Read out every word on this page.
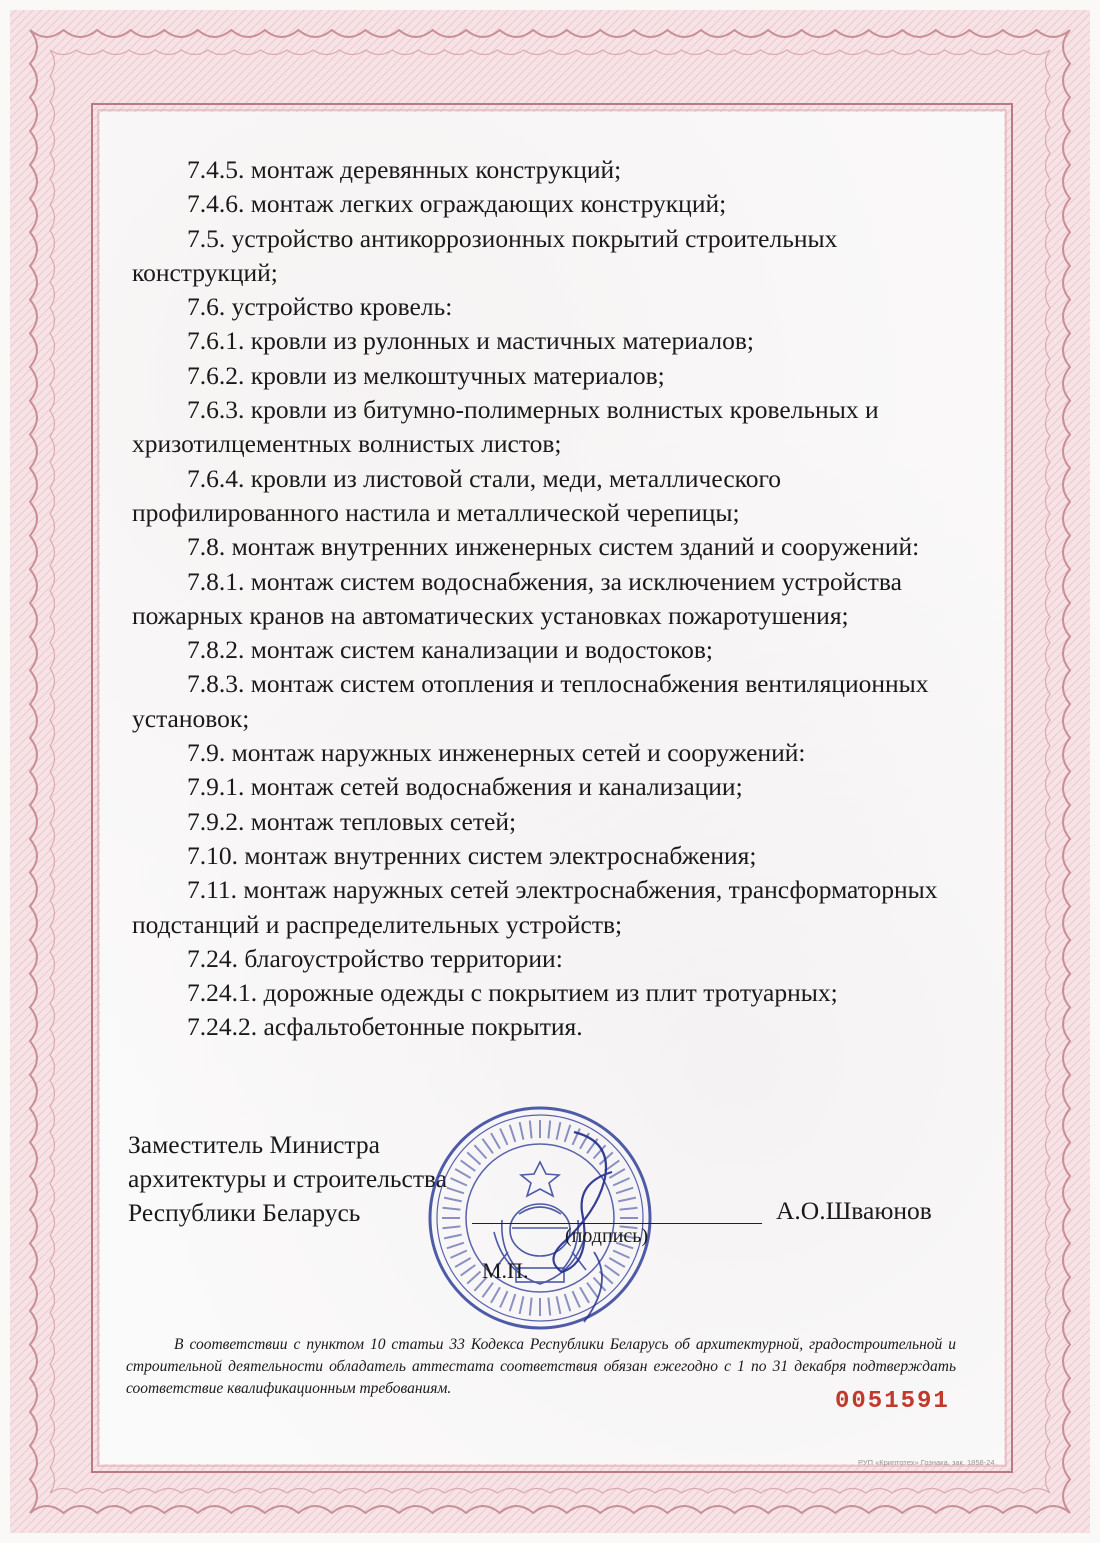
7.4.5. монтаж деревянных конструкций;
7.4.6. монтаж легких ограждающих конструкций;
7.5. устройство антикоррозионных покрытий строительных конструкций;
7.6. устройство кровель:
7.6.1. кровли из рулонных и мастичных материалов;
7.6.2. кровли из мелкоштучных материалов;
7.6.3. кровли из битумно-полимерных волнистых кровельных и хризотилцементных волнистых листов;
7.6.4. кровли из листовой стали, меди, металлического профилированного настила и металлической черепицы;
7.8. монтаж внутренних инженерных систем зданий и сооружений:
7.8.1. монтаж систем водоснабжения, за исключением устройства пожарных кранов на автоматических установках пожаротушения;
7.8.2. монтаж систем канализации и водостоков;
7.8.3. монтаж систем отопления и теплоснабжения вентиляционных установок;
7.9. монтаж наружных инженерных сетей и сооружений:
7.9.1. монтаж сетей водоснабжения и канализации;
7.9.2. монтаж тепловых сетей;
7.10. монтаж внутренних систем электроснабжения;
7.11. монтаж наружных сетей электроснабжения, трансформаторных подстанций и распределительных устройств;
7.24. благоустройство территории:
7.24.1. дорожные одежды с покрытием из плит тротуарных;
7.24.2. асфальтобетонные покрытия.
Заместитель Министра
архитектуры и строительства
Республики Беларусь
(подпись)
А.О.Шваюнов
М.П.

В соответствии с пунктом 10 статьи 33 Кодекса Республики Беларусь об архитектурной, градостроительной и строительной деятельности обладатель аттестата соответствия обязан ежегодно с 1 по 31 декабря подтверждать соответствие квалификационным требованиям.	0051591
РУП «Криптотех» Гознака, зак. 1858-24
